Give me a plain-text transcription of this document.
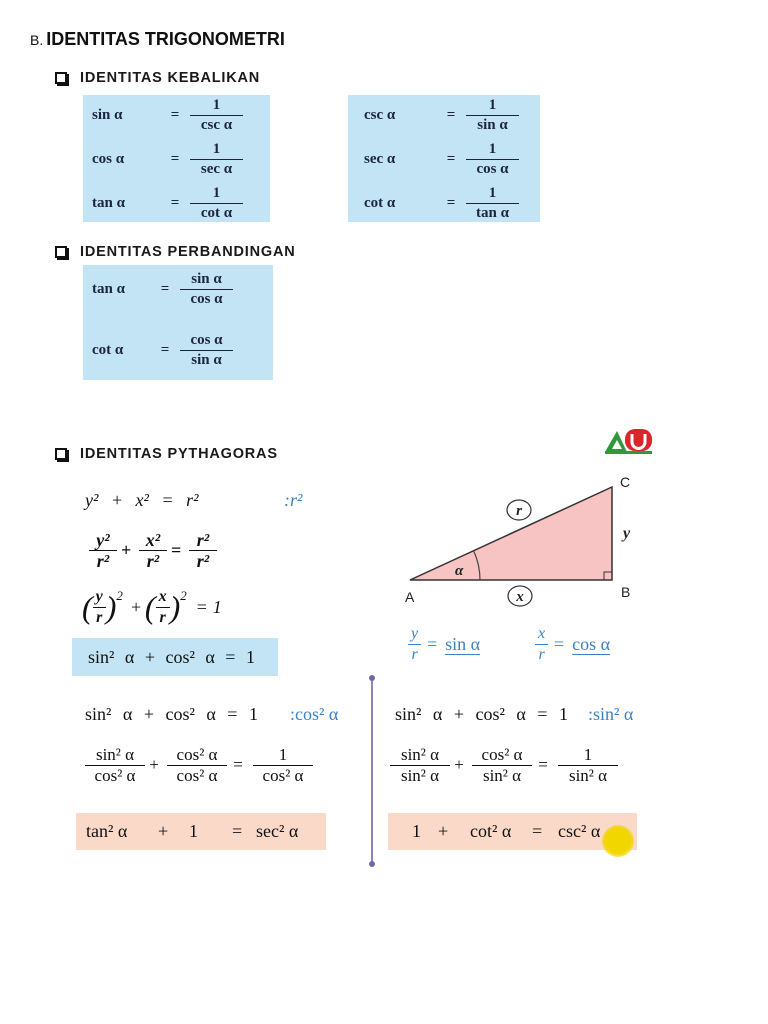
B. IDENTITAS TRIGONOMETRI
IDENTITAS KEBALIKAN
sin α	= $\frac{1}{\text{csc α}}$
cos α	= $\frac{1}{\text{sec α}}$
tan α	= $\frac{1}{\text{cot α}}$
csc α	= $\frac{1}{\text{sin α}}$
sec α	= $\frac{1}{\text{cos α}}$
cot α	= $\frac{1}{\text{tan α}}$
IDENTITAS PERBANDINGAN
tan α	= $\frac{\text{sin α}}{\text{cos α}}$
cot α	= $\frac{\text{cos α}}{\text{sin α}}$
IDENTITAS PYTHAGORAS
y² + x² = r²	:r²
$\frac{\text{y²}}{\text{r²}} + \frac{\text{x²}}{\text{r²}} = \frac{\text{r²}}{\text{r²}}$
( $\frac{y}{r}$ ) 2
+ ( $\frac{x}{r}$ ) 2
= 1
sin² α + cos² α = 1
α
r
x
y
C
B
A
$\frac{y}{r} = \sin \alpha$	$\frac{x}{r} = \cos \alpha$
sin² α + cos² α = 1 :cos² α
$\frac{\text{sin² α}}{\text{cos² α}} + \frac{\text{cos² α}}{\text{cos² α}} = \frac{1}{\text{cos² α}}$
tan² α + 1 = sec² α
sin² α + cos² α = 1 :sin² α
$\frac{\text{sin² α}}{\text{sin² α}} + \frac{\text{cos² α}}{\text{sin² α}} = \frac{1}{\text{sin² α}}$
1 + cot² α = csc² α
